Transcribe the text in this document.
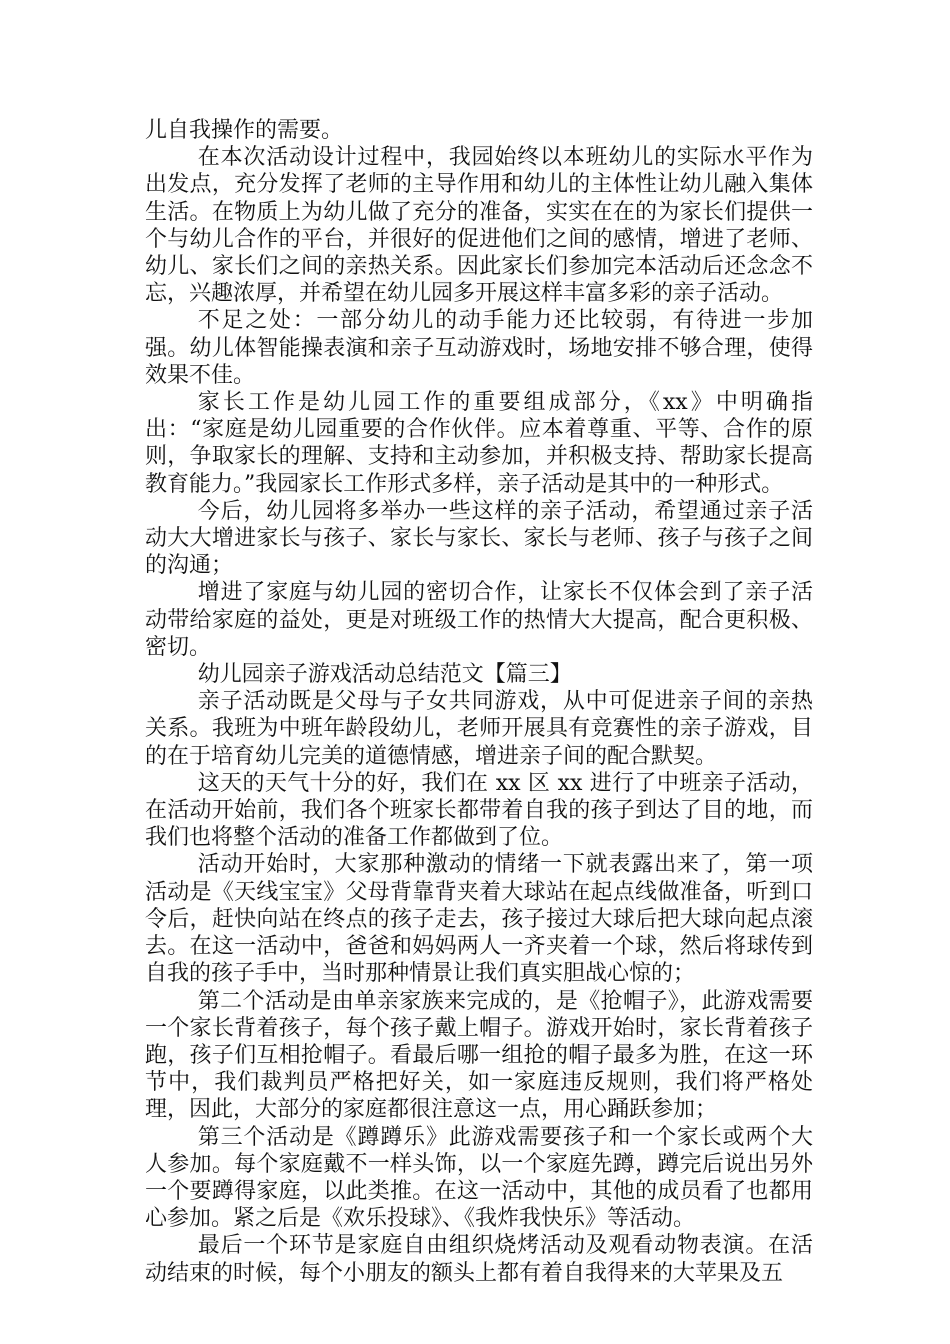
儿自我操作的需要。

在本次活动设计过程中，我园始终以本班幼儿的实际水平作为出发点，充分发挥了老师的主导作用和幼儿的主体性让幼儿融入集体生活。在物质上为幼儿做了充分的准备，实实在在的为家长们提供一个与幼儿合作的平台，并很好的促进他们之间的感情，增进了老师、幼儿、家长们之间的亲热关系。因此家长们参加完本活动后还念念不忘，兴趣浓厚，并希望在幼儿园多开展这样丰富多彩的亲子活动。

不足之处：一部分幼儿的动手能力还比较弱，有待进一步加强。幼儿体智能操表演和亲子互动游戏时，场地安排不够合理，使得效果不佳。

家长工作是幼儿园工作的重要组成部分，《xx》中明确指出：“家庭是幼儿园重要的合作伙伴。应本着尊重、平等、合作的原则，争取家长的理解、支持和主动参加，并积极支持、帮助家长提高教育能力。”我园家长工作形式多样，亲子活动是其中的一种形式。

今后，幼儿园将多举办一些这样的亲子活动，希望通过亲子活动大大增进家长与孩子、家长与家长、家长与老师、孩子与孩子之间的沟通；

增进了家庭与幼儿园的密切合作，让家长不仅体会到了亲子活动带给家庭的益处，更是对班级工作的热情大大提高，配合更积极、密切。

幼儿园亲子游戏活动总结范文【篇三】

亲子活动既是父母与子女共同游戏，从中可促进亲子间的亲热关系。我班为中班年龄段幼儿，老师开展具有竞赛性的亲子游戏，目的在于培育幼儿完美的道德情感，增进亲子间的配合默契。

这天的天气十分的好，我们在 xx 区 xx 进行了中班亲子活动，在活动开始前，我们各个班家长都带着自我的孩子到达了目的地，而我们也将整个活动的准备工作都做到了位。

活动开始时，大家那种激动的情绪一下就表露出来了，第一项活动是《天线宝宝》父母背靠背夹着大球站在起点线做准备，听到口令后，赶快向站在终点的孩子走去，孩子接过大球后把大球向起点滚去。在这一活动中，爸爸和妈妈两人一齐夹着一个球，然后将球传到自我的孩子手中，当时那种情景让我们真实胆战心惊的；

第二个活动是由单亲家族来完成的，是《抢帽子》，此游戏需要一个家长背着孩子，每个孩子戴上帽子。游戏开始时，家长背着孩子跑，孩子们互相抢帽子。看最后哪一组抢的帽子最多为胜，在这一环节中，我们裁判员严格把好关，如一家庭违反规则，我们将严格处理，因此，大部分的家庭都很注意这一点，用心踊跃参加；

第三个活动是《蹲蹲乐》此游戏需要孩子和一个家长或两个大人参加。每个家庭戴不一样头饰，以一个家庭先蹲，蹲完后说出另外一个要蹲得家庭，以此类推。在这一活动中，其他的成员看了也都用心参加。紧之后是《欢乐投球》、《我炸我快乐》等活动。

最后一个环节是家庭自由组织烧烤活动及观看动物表演。在活动结束的时候，每个小朋友的额头上都有着自我得来的大苹果及五
